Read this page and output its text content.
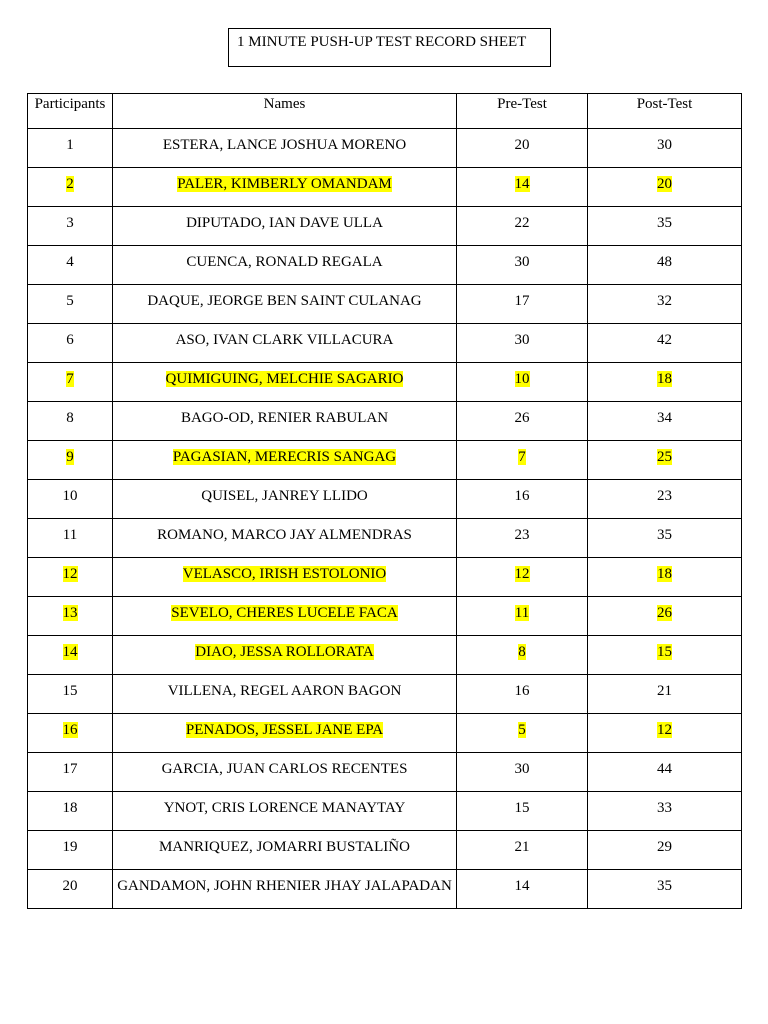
1 MINUTE PUSH-UP TEST RECORD SHEET
Participants	Names	Pre-Test	Post-Test
1	ESTERA, LANCE JOSHUA MORENO	20	30
2	PALER, KIMBERLY OMANDAM	14	20
3	DIPUTADO, IAN DAVE ULLA	22	35
4	CUENCA, RONALD REGALA	30	48
5	DAQUE, JEORGE BEN SAINT CULANAG	17	32
6	ASO, IVAN CLARK VILLACURA	30	42
7	QUIMIGUING, MELCHIE SAGARIO	10	18
8	BAGO-OD, RENIER RABULAN	26	34
9	PAGASIAN, MERECRIS SANGAG	7	25
10	QUISEL, JANREY LLIDO	16	23
11	ROMANO, MARCO JAY ALMENDRAS	23	35
12	VELASCO, IRISH ESTOLONIO	12	18
13	SEVELO, CHERES LUCELE FACA	11	26
14	DIAO, JESSA ROLLORATA	8	15
15	VILLENA, REGEL AARON BAGON	16	21
16	PENADOS, JESSEL JANE EPA	5	12
17	GARCIA, JUAN CARLOS RECENTES	30	44
18	YNOT, CRIS LORENCE MANAYTAY	15	33
19	MANRIQUEZ, JOMARRI BUSTALIÑO	21	29
20	GANDAMON, JOHN RHENIER JHAY JALAPADAN	14	35
